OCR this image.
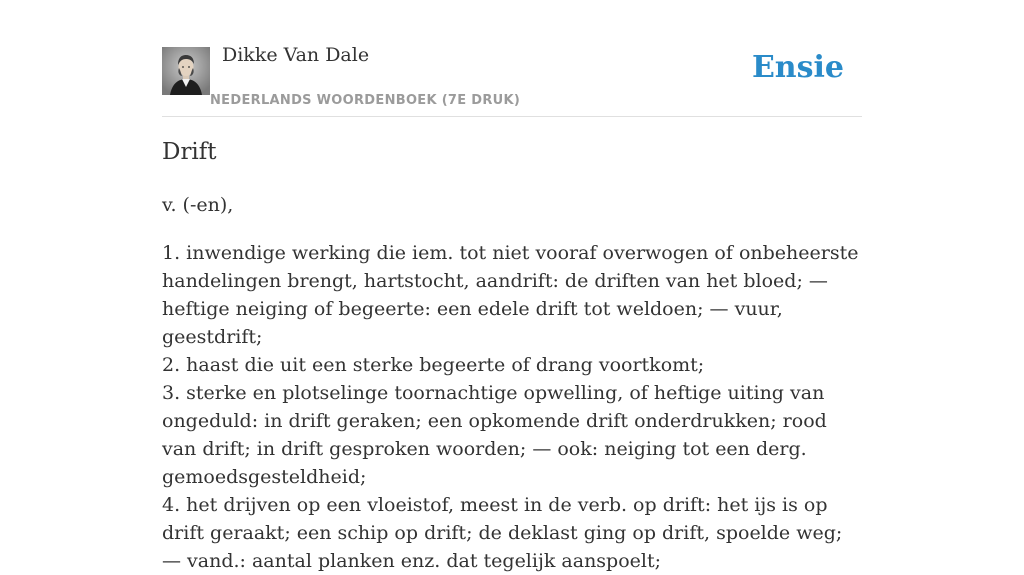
Dikke Van Dale
NEDERLANDS WOORDENBOEK (7E DRUK)
Ensie
Drift
v. (-en),
1. inwendige werking die iem. tot niet vooraf overwogen of onbeheerste handelingen brengt, hartstocht, aandrift: de driften van het bloed; — heftige neiging of begeerte: een edele drift tot weldoen; — vuur, geestdrift;
2. haast die uit een sterke begeerte of drang voortkomt;
3. sterke en plotselinge toornachtige opwelling, of heftige uiting van ongeduld: in drift geraken; een opkomende drift onderdrukken; rood van drift; in drift gesproken woorden; — ook: neiging tot een derg. gemoedsgesteldheid;
4. het drijven op een vloeistof, meest in de verb. op drift: het ijs is op drift geraakt; een schip op drift; de deklast ging op drift, spoelde weg; — vand.: aantal planken enz. dat tegelijk aanspoelt;
